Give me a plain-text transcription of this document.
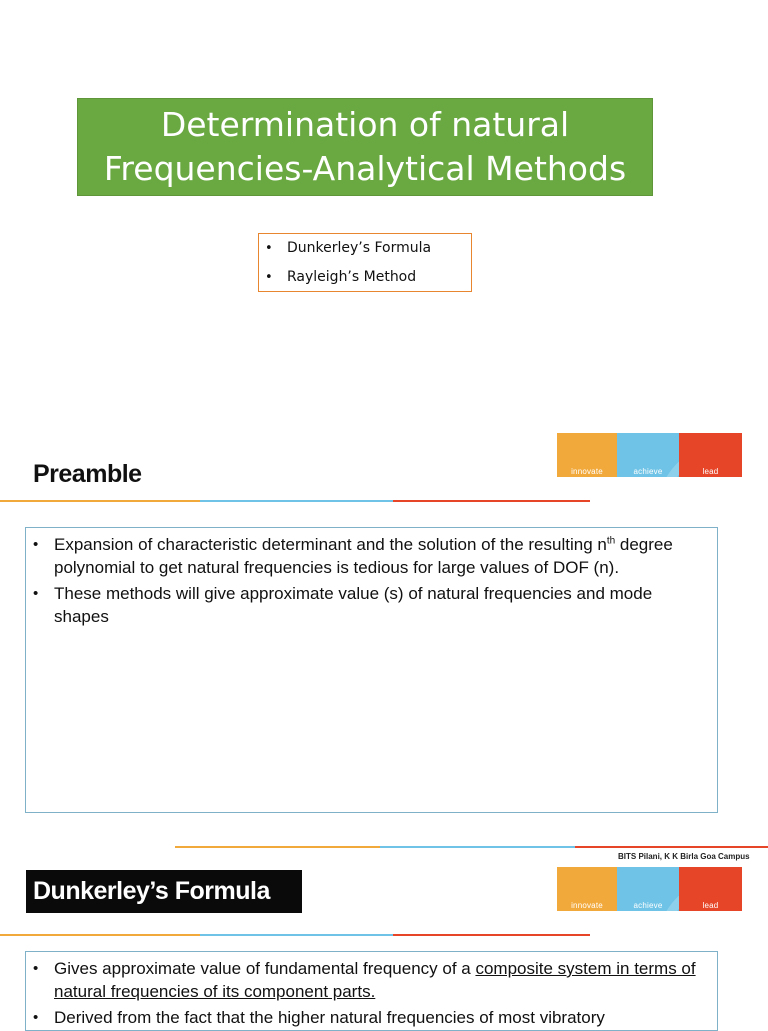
Determination of natural
Frequencies-Analytical Methods
•	Dunkerley’s Formula
•	Rayleigh’s Method
innovate	achieve	lead
Preamble
• Expansion of characteristic determinant and the solution of the resulting $n^{th}$ degree polynomial to get natural frequencies is tedious for large values of DOF (n).
• These methods will give approximate value (s) of natural frequencies and mode shapes
BITS Pilani, K K Birla Goa Campus
innovate	achieve	lead
Dunkerley’s Formula
• Gives approximate value of fundamental frequency of a composite system in terms of natural frequencies of its component parts.
• Derived from the fact that the higher natural frequencies of most vibratory
